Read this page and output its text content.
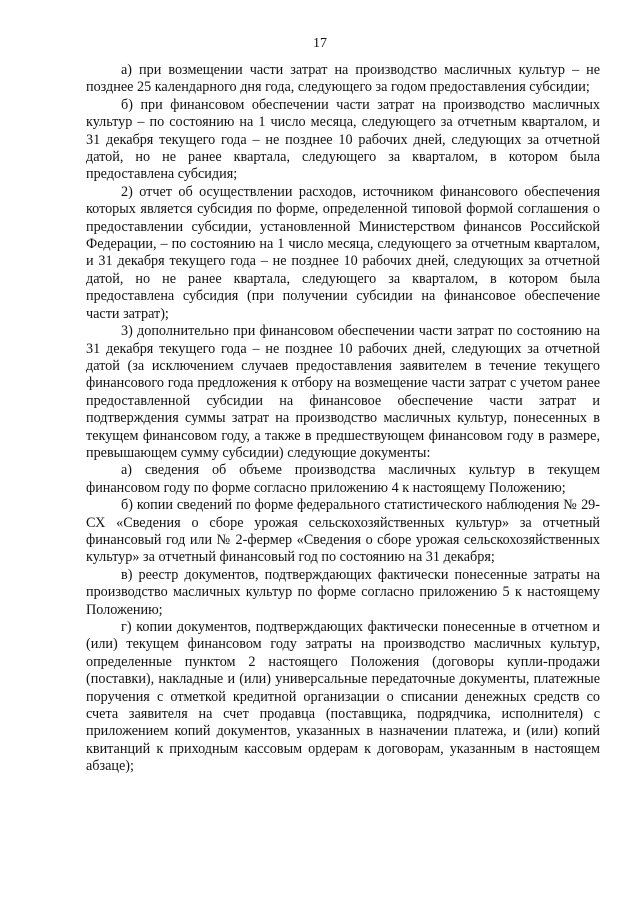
17

а) при возмещении части затрат на производство масличных культур – не позднее 25 календарного дня года, следующего за годом предоставления субсидии;

б) при финансовом обеспечении части затрат на производство масличных культур – по состоянию на 1 число месяца, следующего за отчетным кварталом, и 31 декабря текущего года – не позднее 10 рабочих дней, следующих за отчетной датой, но не ранее квартала, следующего за кварталом, в котором была предоставлена субсидия;

2) отчет об осуществлении расходов, источником финансового обеспечения которых является субсидия по форме, определенной типовой формой соглашения о предоставлении субсидии, установленной Министерством финансов Российской Федерации, – по состоянию на 1 число месяца, следующего за отчетным кварталом, и 31 декабря текущего года – не позднее 10 рабочих дней, следующих за отчетной датой, но не ранее квартала, следующего за кварталом, в котором была предоставлена субсидия (при получении субсидии на финансовое обеспечение части затрат);

3) дополнительно при финансовом обеспечении части затрат по состоянию на 31 декабря текущего года – не позднее 10 рабочих дней, следующих за отчетной датой (за исключением случаев предоставления заявителем в течение текущего финансового года предложения к отбору на возмещение части затрат с учетом ранее предоставленной субсидии на финансовое обеспечение части затрат и подтверждения суммы затрат на производство масличных культур, понесенных в текущем финансовом году, а также в предшествующем финансовом году в размере, превышающем сумму субсидии) следующие документы:

а) сведения об объеме производства масличных культур в текущем финансовом году по форме согласно приложению 4 к настоящему Положению;

б) копии сведений по форме федерального статистического наблюдения № 29-СХ «Сведения о сборе урожая сельскохозяйственных культур» за отчетный финансовый год или № 2-фермер «Сведения о сборе урожая сельскохозяйственных культур» за отчетный финансовый год по состоянию на 31 декабря;

в) реестр документов, подтверждающих фактически понесенные затраты на производство масличных культур по форме согласно приложению 5 к настоящему Положению;

г) копии документов, подтверждающих фактически понесенные в отчетном и (или) текущем финансовом году затраты на производство масличных культур, определенные пунктом 2 настоящего Положения (договоры купли-продажи (поставки), накладные и (или) универсальные передаточные документы, платежные поручения с отметкой кредитной организации о списании денежных средств со счета заявителя на счет продавца (поставщика, подрядчика, исполнителя) с приложением копий документов, указанных в назначении платежа, и (или) копий квитанций к приходным кассовым ордерам к договорам, указанным в настоящем абзаце);
